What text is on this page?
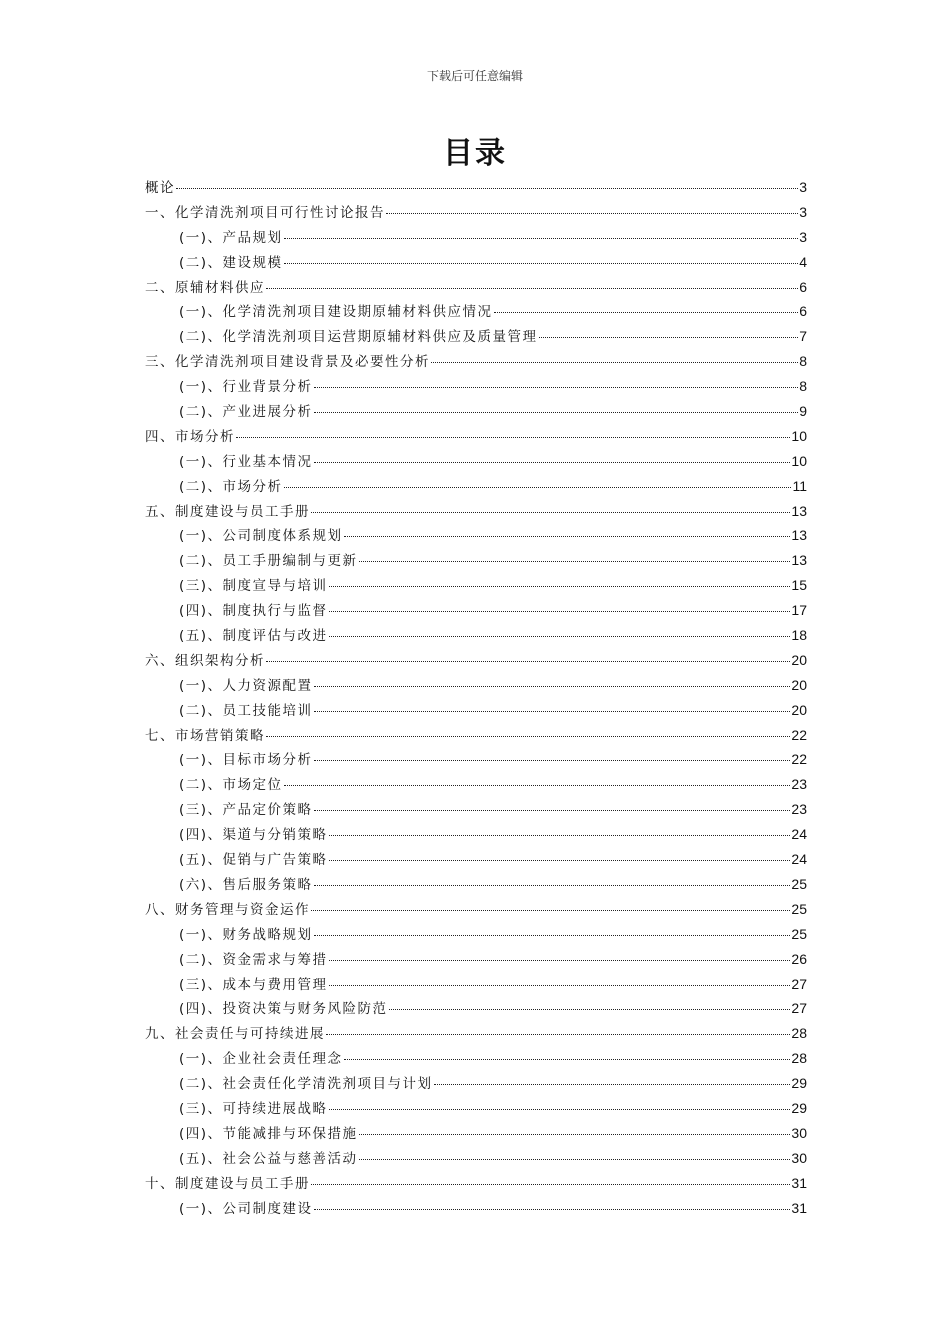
下载后可任意编辑
目录
概论	3
一、化学清洗剂项目可行性讨论报告	3
(一)、产品规划	3
(二)、建设规模	4
二、原辅材料供应	6
(一)、化学清洗剂项目建设期原辅材料供应情况	6
(二)、化学清洗剂项目运营期原辅材料供应及质量管理	7
三、化学清洗剂项目建设背景及必要性分析	8
(一)、行业背景分析	8
(二)、产业进展分析	9
四、市场分析	10
(一)、行业基本情况	10
(二)、市场分析	11
五、制度建设与员工手册	13
(一)、公司制度体系规划	13
(二)、员工手册编制与更新	13
(三)、制度宣导与培训	15
(四)、制度执行与监督	17
(五)、制度评估与改进	18
六、组织架构分析	20
(一)、人力资源配置	20
(二)、员工技能培训	20
七、市场营销策略	22
(一)、目标市场分析	22
(二)、市场定位	23
(三)、产品定价策略	23
(四)、渠道与分销策略	24
(五)、促销与广告策略	24
(六)、售后服务策略	25
八、财务管理与资金运作	25
(一)、财务战略规划	25
(二)、资金需求与筹措	26
(三)、成本与费用管理	27
(四)、投资决策与财务风险防范	27
九、社会责任与可持续进展	28
(一)、企业社会责任理念	28
(二)、社会责任化学清洗剂项目与计划	29
(三)、可持续进展战略	29
(四)、节能减排与环保措施	30
(五)、社会公益与慈善活动	30
十、制度建设与员工手册	31
(一)、公司制度建设	31
